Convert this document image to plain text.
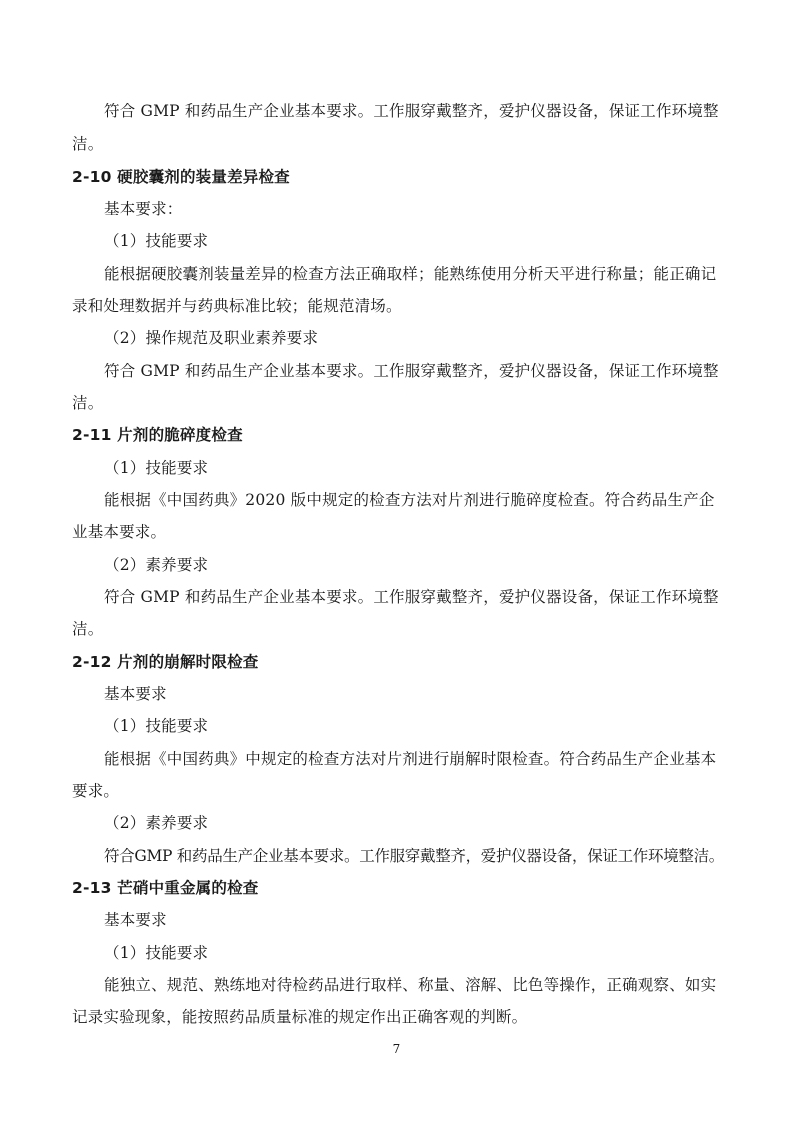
符合 GMP 和药品生产企业基本要求。工作服穿戴整齐，爱护仪器设备，保证工作环境整
洁。
2-10 硬胶囊剂的装量差异检查
基本要求：
（1）技能要求
能根据硬胶囊剂装量差异的检查方法正确取样；能熟练使用分析天平进行称量；能正确记
录和处理数据并与药典标准比较；能规范清场。
（2）操作规范及职业素养要求
符合 GMP 和药品生产企业基本要求。工作服穿戴整齐，爱护仪器设备，保证工作环境整
洁。
2-11 片剂的脆碎度检查
（1）技能要求
能根据《中国药典》2020 版中规定的检查方法对片剂进行脆碎度检查。符合药品生产企
业基本要求。
（2）素养要求
符合 GMP 和药品生产企业基本要求。工作服穿戴整齐，爱护仪器设备，保证工作环境整
洁。
2-12 片剂的崩解时限检查
基本要求
（1）技能要求
能根据《中国药典》中规定的检查方法对片剂进行崩解时限检查。符合药品生产企业基本
要求。
（2）素养要求
符合GMP 和药品生产企业基本要求。工作服穿戴整齐，爱护仪器设备，保证工作环境整洁。
2-13 芒硝中重金属的检查
基本要求
（1）技能要求
能独立、规范、熟练地对待检药品进行取样、称量、溶解、比色等操作，正确观察、如实
记录实验现象，能按照药品质量标准的规定作出正确客观的判断。
7
